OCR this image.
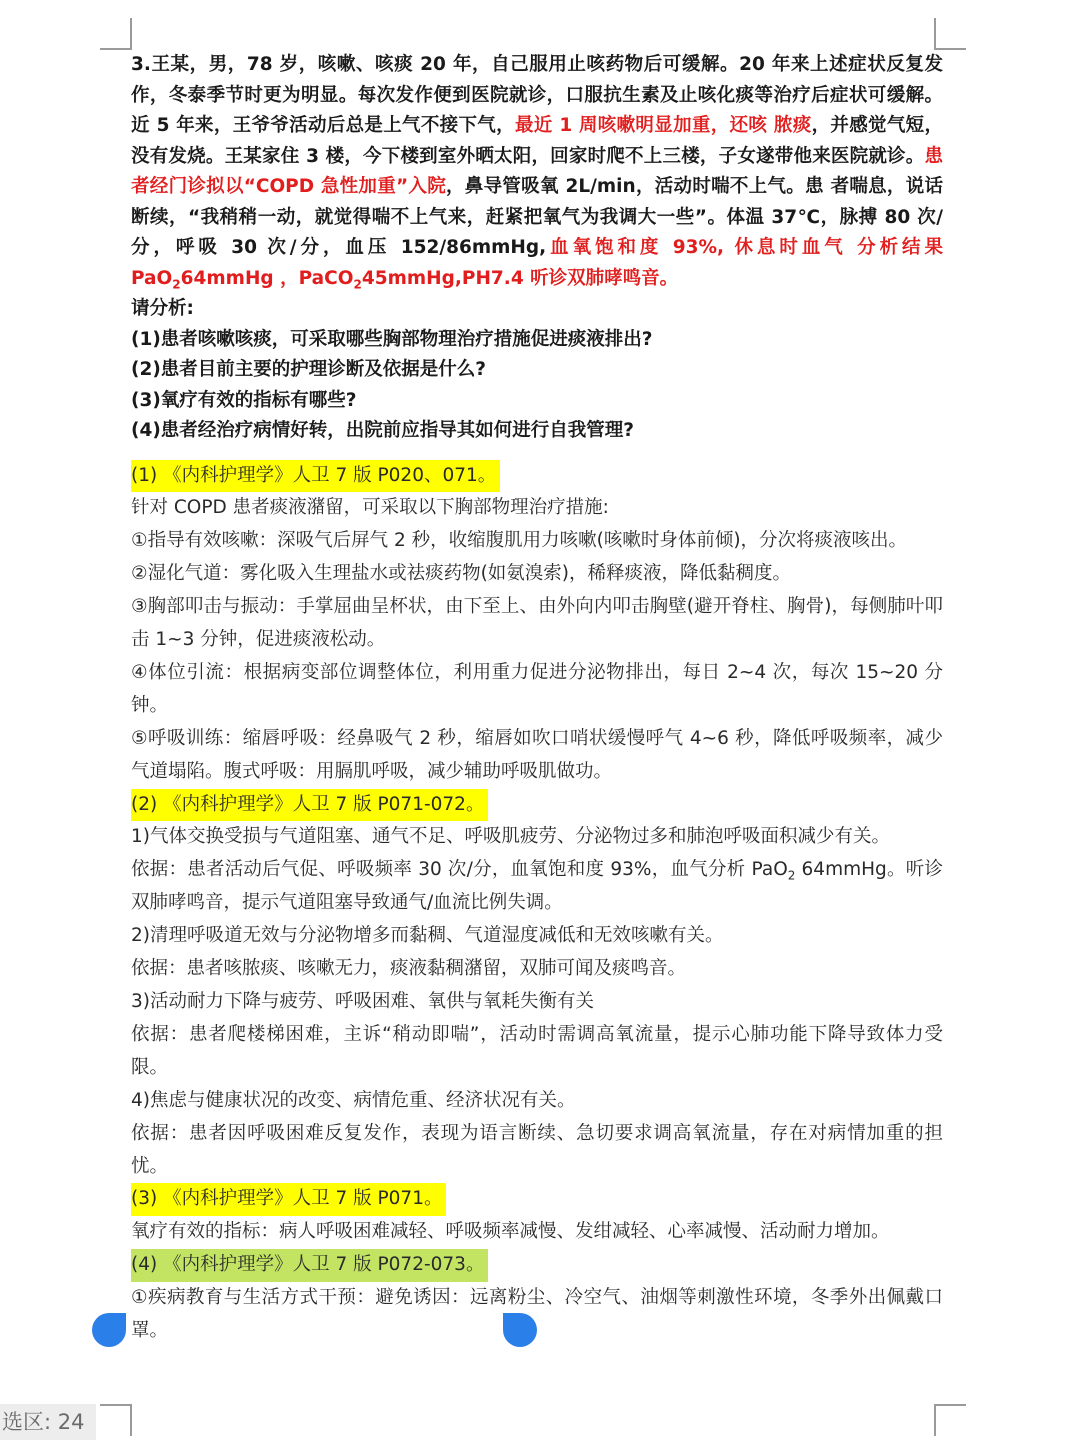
3.王某，男，78 岁，咳嗽、咳痰 20 年，自己服用止咳药物后可缓解。20 年来上述症状反复发作，冬泰季节时更为明显。每次发作便到医院就诊，口服抗生素及止咳化痰等治疗后症状可缓解。近 5 年来，王爷爷活动后总是上气不接下气，最近 1 周咳嗽明显加重，还咳 脓痰，并感觉气短，没有发烧。王某家住 3 楼，今下楼到室外晒太阳，回家时爬不上三楼，子女遂带他来医院就诊。患者经门诊拟以“COPD 急性加重”入院，鼻导管吸氧 2L/min，活动时喘不上气。患 者喘息，说话断续，“我稍稍一动，就觉得喘不上气来，赶紧把氧气为我调大一些”。体温 37℃，脉搏 80 次/分，呼吸 30 次/分，血压 152/86mmHg,血氧饱和度 93%, 休息时血气 分析结果 PaO$_2$64mmHg ，PaCO$_2$45mmHg,PH7.4 听诊双肺哮鸣音。
请分析:
(1)患者咳嗽咳痰，可采取哪些胸部物理治疗措施促进痰液排出?
(2)患者目前主要的护理诊断及依据是什么?
(3)氧疗有效的指标有哪些?
(4)患者经治疗病情好转，出院前应指导其如何进行自我管理?
(1) 《内科护理学》人卫 7 版 P020、071。
针对 COPD 患者痰液潴留，可采取以下胸部物理治疗措施:
①指导有效咳嗽：深吸气后屏气 2 秒，收缩腹肌用力咳嗽(咳嗽时身体前倾)，分次将痰液咳出。
②湿化气道：雾化吸入生理盐水或祛痰药物(如氨溴索)，稀释痰液，降低黏稠度。
③胸部叩击与振动：手掌屈曲呈杯状，由下至上、由外向内叩击胸壁(避开脊柱、胸骨)，每侧肺叶叩击 1~3 分钟，促进痰液松动。
④体位引流：根据病变部位调整体位，利用重力促进分泌物排出，每日 2~4 次，每次 15~20 分钟。
⑤呼吸训练：缩唇呼吸：经鼻吸气 2 秒，缩唇如吹口哨状缓慢呼气 4~6 秒，降低呼吸频率，减少气道塌陷。腹式呼吸：用膈肌呼吸，减少辅助呼吸肌做功。
(2) 《内科护理学》人卫 7 版 P071-072。
1)气体交换受损与气道阻塞、通气不足、呼吸肌疲劳、分泌物过多和肺泡呼吸面积减少有关。
依据：患者活动后气促、呼吸频率 30 次/分，血氧饱和度 93%，血气分析 PaO$_2$ 64mmHg。听诊双肺哮鸣音，提示气道阻塞导致通气/血流比例失调。
2)清理呼吸道无效与分泌物增多而黏稠、气道湿度减低和无效咳嗽有关。
依据：患者咳脓痰、咳嗽无力，痰液黏稠潴留，双肺可闻及痰鸣音。
3)活动耐力下降与疲劳、呼吸困难、氧供与氧耗失衡有关
依据：患者爬楼梯困难，主诉“稍动即喘”，活动时需调高氧流量，提示心肺功能下降导致体力受限。
4)焦虑与健康状况的改变、病情危重、经济状况有关。
依据：患者因呼吸困难反复发作，表现为语言断续、急切要求调高氧流量，存在对病情加重的担忧。
(3) 《内科护理学》人卫 7 版 P071。
氧疗有效的指标：病人呼吸困难减轻、呼吸频率减慢、发绀减轻、心率减慢、活动耐力增加。
(4) 《内科护理学》人卫 7 版 P072-073。
①疾病教育与生活方式干预：避免诱因：远离粉尘、冷空气、油烟等刺激性环境，冬季外出佩戴口罩。
选区: 24
